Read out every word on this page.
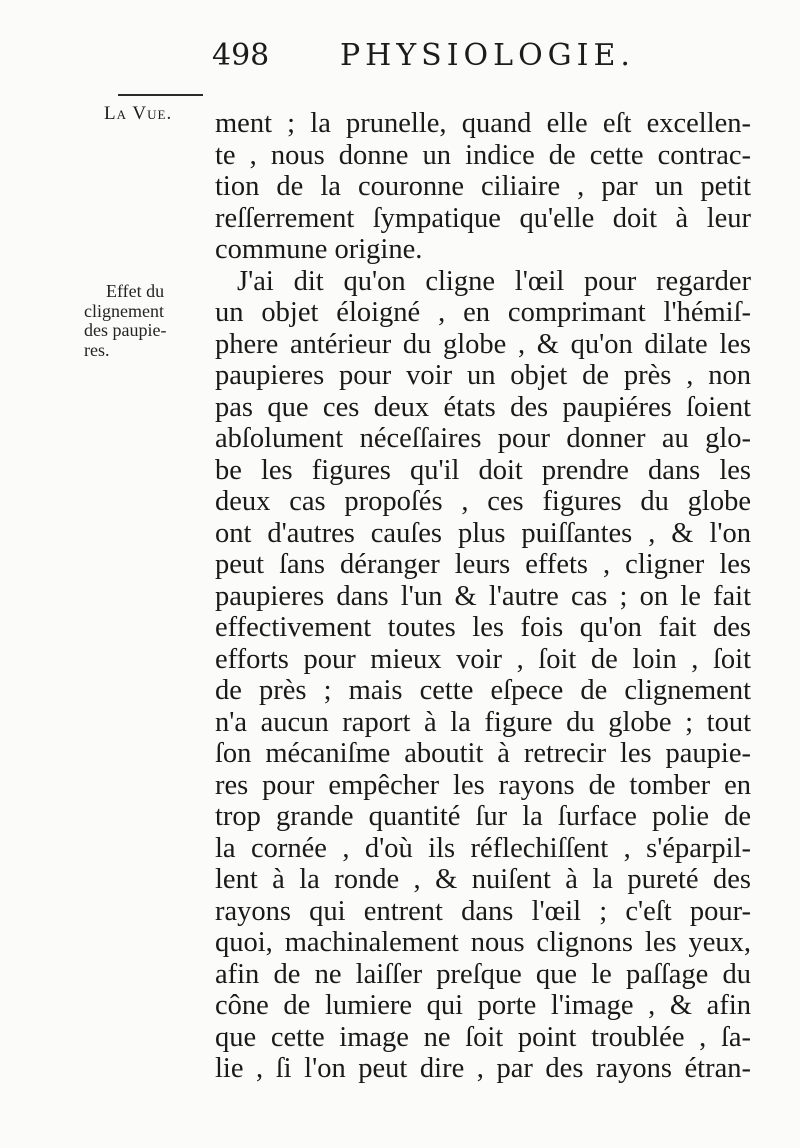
498 PHYSIOLOGIE.
La Vue.
Effet du
clignement
des paupie-
res.
ment ; la prunelle, quand elle eſt excellen-
te , nous donne un indice de cette contrac-
tion de la couronne ciliaire , par un petit
reſſerrement ſympatique qu'elle doit à leur
commune origine.
J'ai dit qu'on cligne l'œil pour regarder
un objet éloigné , en comprimant l'hémiſ-
phere antérieur du globe , & qu'on dilate les
paupieres pour voir un objet de près , non
pas que ces deux états des paupiéres ſoient
abſolument néceſſaires pour donner au glo-
be les figures qu'il doit prendre dans les
deux cas propoſés , ces figures du globe
ont d'autres cauſes plus puiſſantes , & l'on
peut ſans déranger leurs effets , cligner les
paupieres dans l'un & l'autre cas ; on le fait
effectivement toutes les fois qu'on fait des
efforts pour mieux voir , ſoit de loin , ſoit
de près ; mais cette eſpece de clignement
n'a aucun raport à la figure du globe ; tout
ſon mécaniſme aboutit à retrecir les paupie-
res pour empêcher les rayons de tomber en
trop grande quantité ſur la ſurface polie de
la cornée , d'où ils réflechiſſent , s'éparpil-
lent à la ronde , & nuiſent à la pureté des
rayons qui entrent dans l'œil ; c'eſt pour-
quoi, machinalement nous clignons les yeux,
afin de ne laiſſer preſque que le paſſage du
cône de lumiere qui porte l'image , & afin
que cette image ne ſoit point troublée , ſa-
lie , ſi l'on peut dire , par des rayons étran-
